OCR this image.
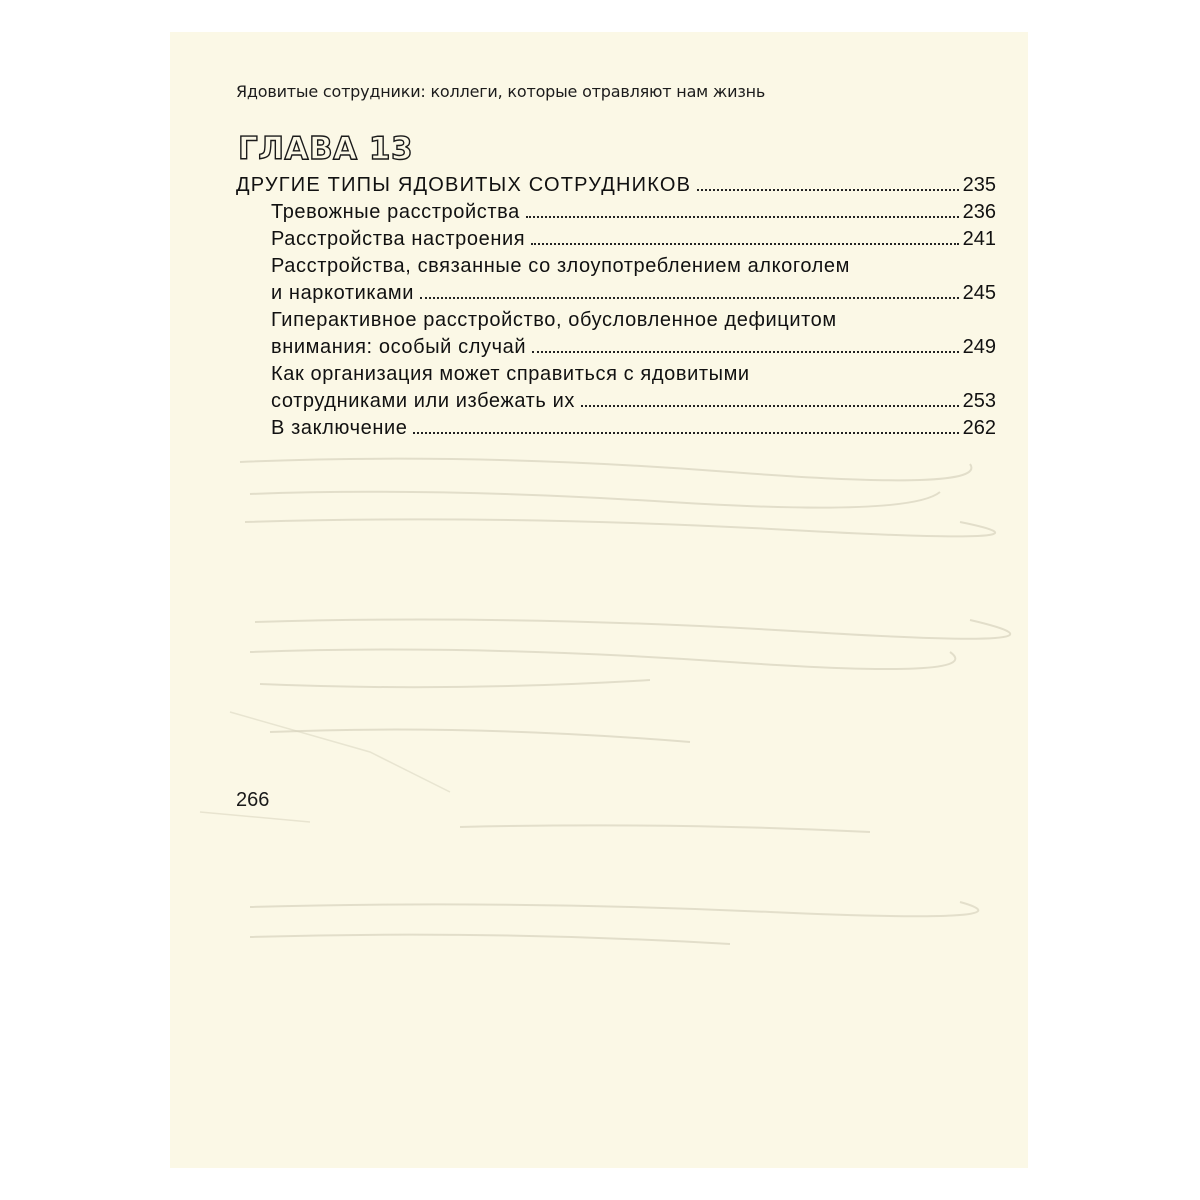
Ядовитые сотрудники: коллеги, которые отравляют нам жизнь
ГЛАВА 13
ДРУГИЕ ТИПЫ ЯДОВИТЫХ СОТРУДНИКОВ	235
Тревожные расстройства	236
Расстройства настроения	241
Расстройства, связанные со злоупотреблением алкоголем
и наркотиками	245
Гиперактивное расстройство, обусловленное дефицитом
внимания: особый случай	249
Как организация может справиться с ядовитыми
сотрудниками или избежать их	253
В заключение	262
266
